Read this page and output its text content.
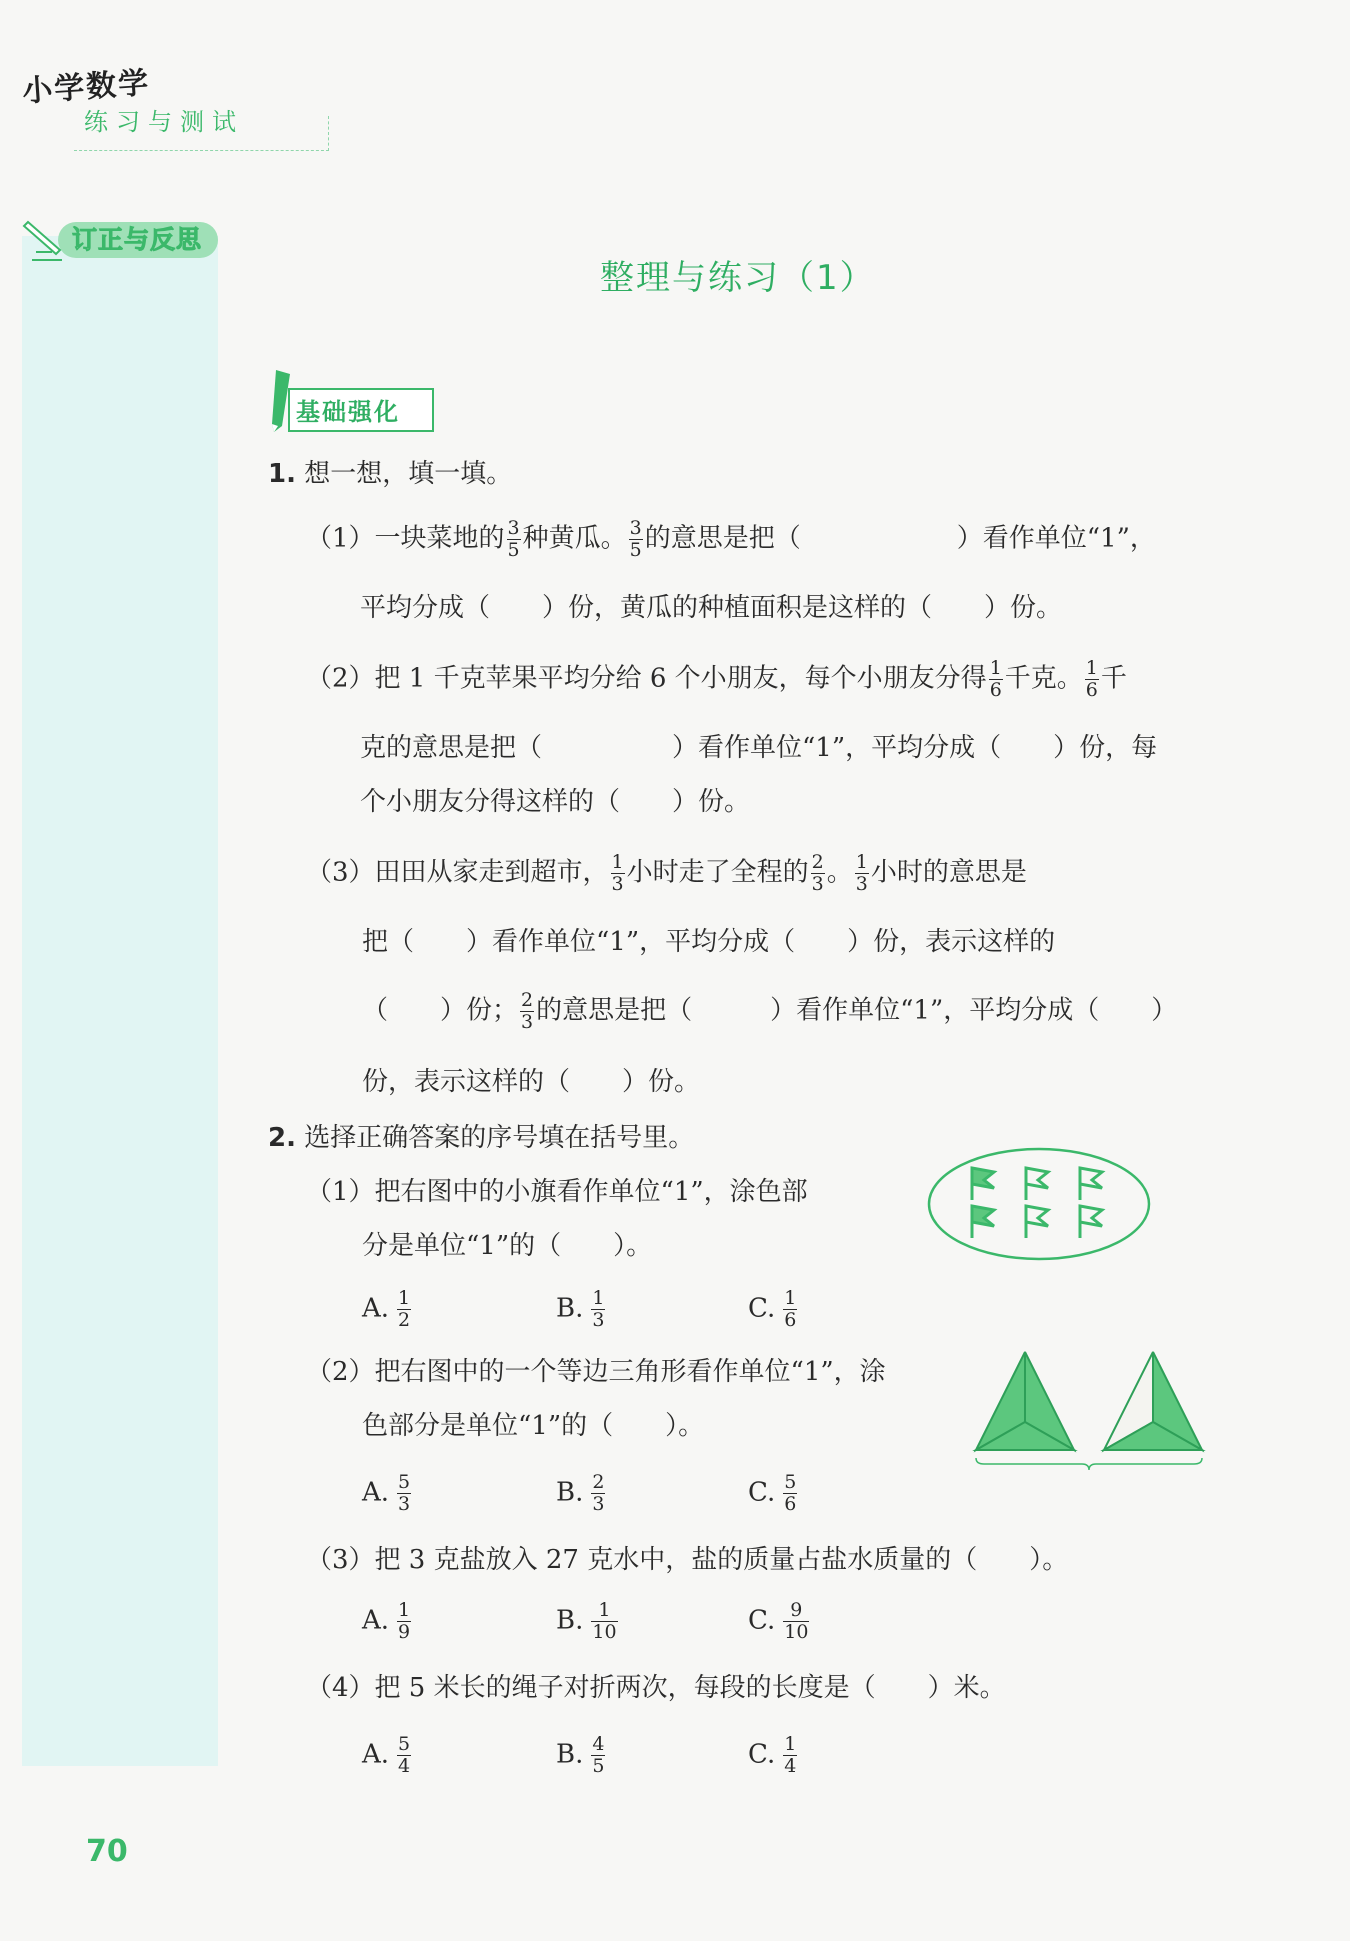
小学数学
练习与测试
订正与反思
整理与练习（1）
基础强化
1. 想一想，填一填。
（1）一块菜地的 $\frac{3}{5}$ 种黄瓜。 $\frac{3}{5}$ 的意思是把（　　　　　　）看作单位“1”，
平均分成（　　）份，黄瓜的种植面积是这样的（　　）份。
（2）把 1 千克苹果平均分给 6 个小朋友，每个小朋友分得 $\frac{1}{6}$ 千克。 $\frac{1}{6}$ 千
克的意思是把（　　　　　）看作单位“1”，平均分成（　　）份，每
个小朋友分得这样的（　　）份。
（3）田田从家走到超市， $\frac{1}{3}$ 小时走了全程的 $\frac{2}{3}$ 。 $\frac{1}{3}$ 小时的意思是
把（　　）看作单位“1”，平均分成（　　）份，表示这样的
（　　）份； $\frac{2}{3}$ 的意思是把（　　　）看作单位“1”，平均分成（　　）
份，表示这样的（　　）份。
2. 选择正确答案的序号填在括号里。
（1）把右图中的小旗看作单位“1”，涂色部
分是单位“1”的（　　）。
A. $\frac{1}{2}$	B. $\frac{1}{3}$	C. $\frac{1}{6}$
（2）把右图中的一个等边三角形看作单位“1”，涂
色部分是单位“1”的（　　）。
A. $\frac{5}{3}$	B. $\frac{2}{3}$	C. $\frac{5}{6}$
（3）把 3 克盐放入 27 克水中，盐的质量占盐水质量的（　　）。
A. $\frac{1}{9}$	B. $\frac{1}{10}$	C. $\frac{9}{10}$
（4）把 5 米长的绳子对折两次，每段的长度是（　　）米。
A. $\frac{5}{4}$	B. $\frac{4}{5}$	C. $\frac{1}{4}$
70
